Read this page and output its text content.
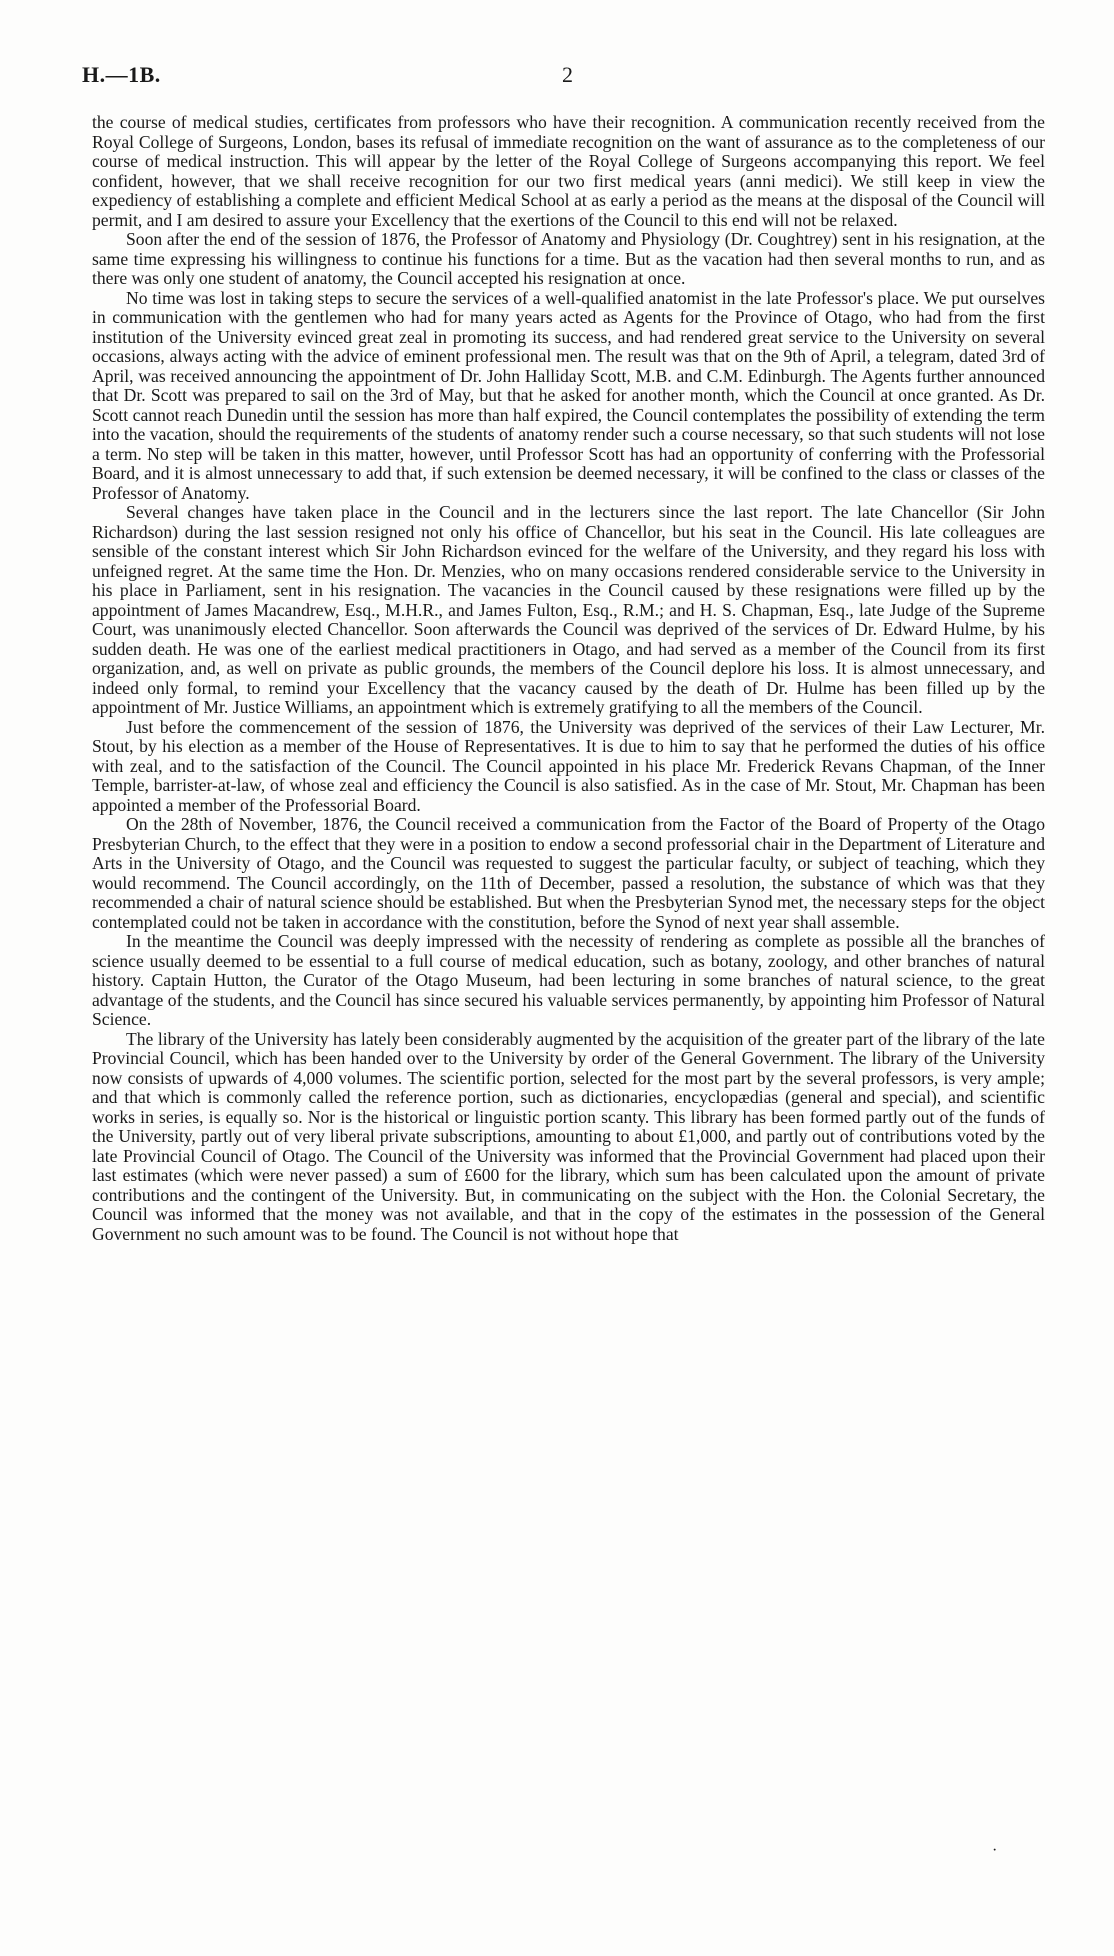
H.—1B.	2

the course of medical studies, certificates from professors who have their recognition. A communication recently received from the Royal College of Surgeons, London, bases its refusal of immediate recognition on the want of assurance as to the completeness of our course of medical instruction. This will appear by the letter of the Royal College of Surgeons accompanying this report. We feel confident, however, that we shall receive recognition for our two first medical years (anni medici). We still keep in view the expediency of establishing a complete and efficient Medical School at as early a period as the means at the disposal of the Council will permit, and I am desired to assure your Excellency that the exertions of the Council to this end will not be relaxed.

Soon after the end of the session of 1876, the Professor of Anatomy and Physiology (Dr. Coughtrey) sent in his resignation, at the same time expressing his willingness to continue his functions for a time. But as the vacation had then several months to run, and as there was only one student of anatomy, the Council accepted his resignation at once.

No time was lost in taking steps to secure the services of a well-qualified anatomist in the late Professor's place. We put ourselves in communication with the gentlemen who had for many years acted as Agents for the Province of Otago, who had from the first institution of the University evinced great zeal in promoting its success, and had rendered great service to the University on several occasions, always acting with the advice of eminent professional men. The result was that on the 9th of April, a telegram, dated 3rd of April, was received announcing the appointment of Dr. John Halliday Scott, M.B. and C.M. Edinburgh. The Agents further announced that Dr. Scott was prepared to sail on the 3rd of May, but that he asked for another month, which the Council at once granted. As Dr. Scott cannot reach Dunedin until the session has more than half expired, the Council contemplates the possibility of extending the term into the vacation, should the requirements of the students of anatomy render such a course necessary, so that such students will not lose a term. No step will be taken in this matter, however, until Professor Scott has had an opportunity of conferring with the Professorial Board, and it is almost unnecessary to add that, if such extension be deemed necessary, it will be confined to the class or classes of the Professor of Anatomy.

Several changes have taken place in the Council and in the lecturers since the last report. The late Chancellor (Sir John Richardson) during the last session resigned not only his office of Chancellor, but his seat in the Council. His late colleagues are sensible of the constant interest which Sir John Richardson evinced for the welfare of the University, and they regard his loss with unfeigned regret. At the same time the Hon. Dr. Menzies, who on many occasions rendered considerable service to the University in his place in Parliament, sent in his resignation. The vacancies in the Council caused by these resignations were filled up by the appointment of James Macandrew, Esq., M.H.R., and James Fulton, Esq., R.M.; and H. S. Chapman, Esq., late Judge of the Supreme Court, was unanimously elected Chancellor. Soon afterwards the Council was deprived of the services of Dr. Edward Hulme, by his sudden death. He was one of the earliest medical practitioners in Otago, and had served as a member of the Council from its first organization, and, as well on private as public grounds, the members of the Council deplore his loss. It is almost unnecessary, and indeed only formal, to remind your Excellency that the vacancy caused by the death of Dr. Hulme has been filled up by the appointment of Mr. Justice Williams, an appointment which is extremely gratifying to all the members of the Council.

Just before the commencement of the session of 1876, the University was deprived of the services of their Law Lecturer, Mr. Stout, by his election as a member of the House of Representatives. It is due to him to say that he performed the duties of his office with zeal, and to the satisfaction of the Council. The Council appointed in his place Mr. Frederick Revans Chapman, of the Inner Temple, barrister-at-law, of whose zeal and efficiency the Council is also satisfied. As in the case of Mr. Stout, Mr. Chapman has been appointed a member of the Professorial Board.

On the 28th of November, 1876, the Council received a communication from the Factor of the Board of Property of the Otago Presbyterian Church, to the effect that they were in a position to endow a second professorial chair in the Department of Literature and Arts in the University of Otago, and the Council was requested to suggest the particular faculty, or subject of teaching, which they would recommend. The Council accordingly, on the 11th of December, passed a resolution, the substance of which was that they recommended a chair of natural science should be established. But when the Presbyterian Synod met, the necessary steps for the object contemplated could not be taken in accordance with the constitution, before the Synod of next year shall assemble.

In the meantime the Council was deeply impressed with the necessity of rendering as complete as possible all the branches of science usually deemed to be essential to a full course of medical education, such as botany, zoology, and other branches of natural history. Captain Hutton, the Curator of the Otago Museum, had been lecturing in some branches of natural science, to the great advantage of the students, and the Council has since secured his valuable services permanently, by appointing him Professor of Natural Science.

The library of the University has lately been considerably augmented by the acquisition of the greater part of the library of the late Provincial Council, which has been handed over to the University by order of the General Government. The library of the University now consists of upwards of 4,000 volumes. The scientific portion, selected for the most part by the several professors, is very ample; and that which is commonly called the reference portion, such as dictionaries, encyclopædias (general and special), and scientific works in series, is equally so. Nor is the historical or linguistic portion scanty. This library has been formed partly out of the funds of the University, partly out of very liberal private subscriptions, amounting to about £1,000, and partly out of contributions voted by the late Provincial Council of Otago. The Council of the University was informed that the Provincial Government had placed upon their last estimates (which were never passed) a sum of £600 for the library, which sum has been calculated upon the amount of private contributions and the contingent of the University. But, in communicating on the subject with the Hon. the Colonial Secretary, the Council was informed that the money was not available, and that in the copy of the estimates in the possession of the General Government no such amount was to be found. The Council is not without hope that

·
